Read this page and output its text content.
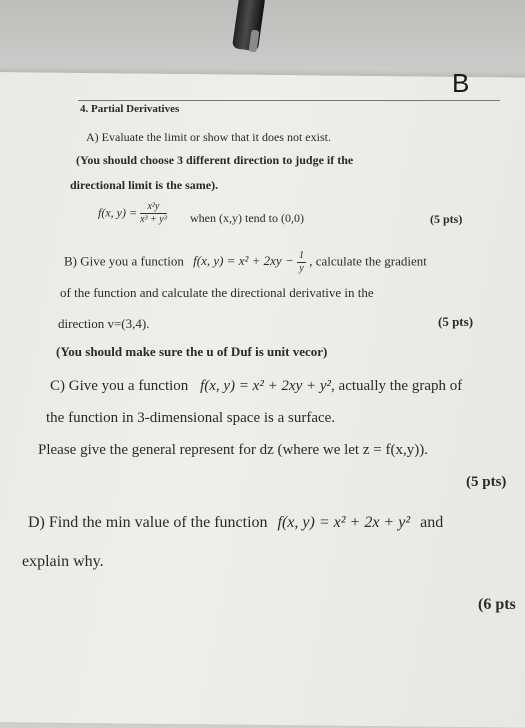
B
4. Partial Derivatives
A) Evaluate the limit or show that it does not exist.
(You should choose 3 different direction to judge if the
directional limit is the same).
f(x, $y) = \frac{\text{x²y}}{\text{x³ + y³}}$ when (x,y) tend to (0,0)	(5 pts)
B) Give you a function f(x, $y) = x^2 + 2xy - \frac{1}{y}$ , calculate the gradient
of the function and calculate the directional derivative in the
direction v=(3,4).	(5 pts)
(You should make sure the u of Duf is unit vecor)
C) Give you a function f(x, y) = x² + 2xy + y², actually the graph of
the function in 3-dimensional space is a surface.
Please give the general represent for dz (where we let z = f(x,y)).
(5 pts)
D) Find the min value of the function f(x, y) = x² + 2x + y² and
explain why.
(6 pts
